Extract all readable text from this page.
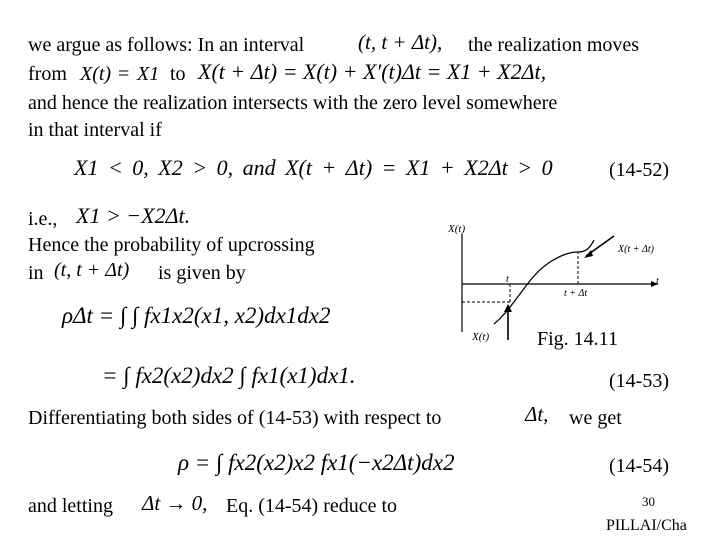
we argue as follows: In an interval	(t, t + Δt), the realization moves
from X(t) = X1 to X(t + Δt) = X(t) + X′(t)Δt = X1 + X2Δt,
and hence the realization intersects with the zero level somewhere
in that interval if
X1 < 0, X2 > 0, and X(t + Δt) = X1 + X2Δt > 0	(14-52)
i.e., X1 > −X2Δt.
Hence the probability of upcrossing
in (t, t + Δt) is given by
ρΔt = ∫ ∫ fx1x2(x1, x2)dx1dx2
= ∫ fx2(x2)dx2 ∫ fx1(x1)dx1.	(14-53)
X(t)
X(t + Δt)
t
t + Δt
t
X(t) Fig. 14.11
Differentiating both sides of (14-53) with respect to	Δt, we get
ρ = ∫ fx2(x2)x2 fx1(−x2Δt)dx2	(14-54)
and letting Δt → 0, Eq. (14-54) reduce to	30
PILLAI/Cha
